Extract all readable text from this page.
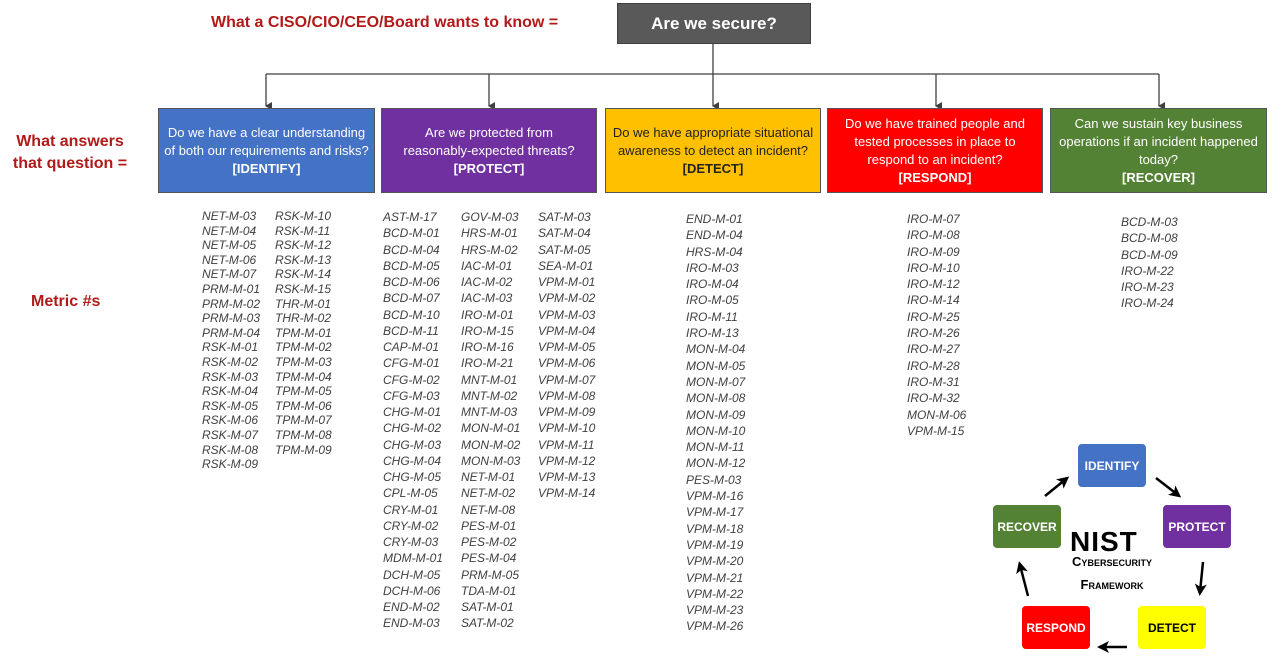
What a CISO/CIO/CEO/Board wants to know =
What answers
that question =
Metric #s
Are we secure?
Do we have a clear understanding of both our requirements and risks?
[IDENTIFY]
Are we protected from reasonably-expected threats?
[PROTECT]
Do we have appropriate situational awareness to detect an incident?
[DETECT]
Do we have trained people and tested processes in place to respond to an incident?
[RESPOND]
Can we sustain key business operations if an incident happened today?
[RECOVER]
NET-M-03
NET-M-04
NET-M-05
NET-M-06
NET-M-07
PRM-M-01
PRM-M-02
PRM-M-03
PRM-M-04
RSK-M-01
RSK-M-02
RSK-M-03
RSK-M-04
RSK-M-05
RSK-M-06
RSK-M-07
RSK-M-08
RSK-M-09
RSK-M-10
RSK-M-11
RSK-M-12
RSK-M-13
RSK-M-14
RSK-M-15
THR-M-01
THR-M-02
TPM-M-01
TPM-M-02
TPM-M-03
TPM-M-04
TPM-M-05
TPM-M-06
TPM-M-07
TPM-M-08
TPM-M-09
AST-M-17
BCD-M-01
BCD-M-04
BCD-M-05
BCD-M-06
BCD-M-07
BCD-M-10
BCD-M-11
CAP-M-01
CFG-M-01
CFG-M-02
CFG-M-03
CHG-M-01
CHG-M-02
CHG-M-03
CHG-M-04
CHG-M-05
CPL-M-05
CRY-M-01
CRY-M-02
CRY-M-03
MDM-M-01
DCH-M-05
DCH-M-06
END-M-02
END-M-03
GOV-M-03
HRS-M-01
HRS-M-02
IAC-M-01
IAC-M-02
IAC-M-03
IRO-M-01
IRO-M-15
IRO-M-16
IRO-M-21
MNT-M-01
MNT-M-02
MNT-M-03
MON-M-01
MON-M-02
MON-M-03
NET-M-01
NET-M-02
NET-M-08
PES-M-01
PES-M-02
PES-M-04
PRM-M-05
TDA-M-01
SAT-M-01
SAT-M-02
SAT-M-03
SAT-M-04
SAT-M-05
SEA-M-01
VPM-M-01
VPM-M-02
VPM-M-03
VPM-M-04
VPM-M-05
VPM-M-06
VPM-M-07
VPM-M-08
VPM-M-09
VPM-M-10
VPM-M-11
VPM-M-12
VPM-M-13
VPM-M-14
END-M-01
END-M-04
HRS-M-04
IRO-M-03
IRO-M-04
IRO-M-05
IRO-M-11
IRO-M-13
MON-M-04
MON-M-05
MON-M-07
MON-M-08
MON-M-09
MON-M-10
MON-M-11
MON-M-12
PES-M-03
VPM-M-16
VPM-M-17
VPM-M-18
VPM-M-19
VPM-M-20
VPM-M-21
VPM-M-22
VPM-M-23
VPM-M-26
IRO-M-07
IRO-M-08
IRO-M-09
IRO-M-10
IRO-M-12
IRO-M-14
IRO-M-25
IRO-M-26
IRO-M-27
IRO-M-28
IRO-M-31
IRO-M-32
MON-M-06
VPM-M-15
BCD-M-03
BCD-M-08
BCD-M-09
IRO-M-22
IRO-M-23
IRO-M-24
IDENTIFY
PROTECT
DETECT
RESPOND
RECOVER NIST
Cybersecurity
Framework
